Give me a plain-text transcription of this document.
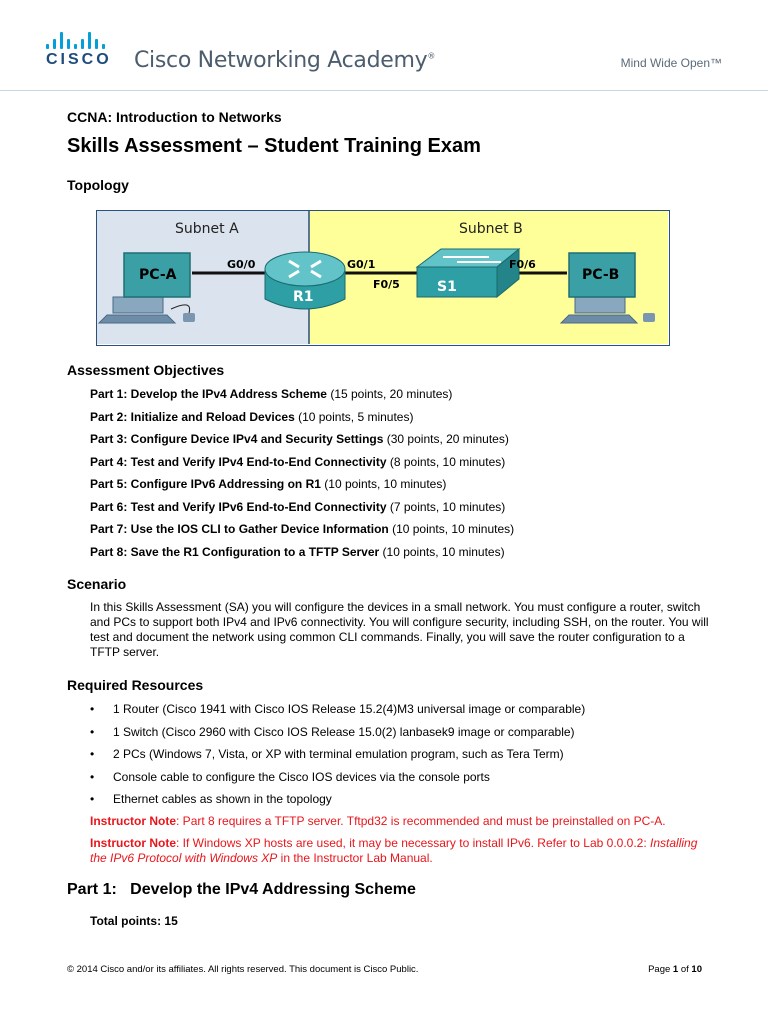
CISCO Cisco Networking Academy®	Mind Wide Open™
CCNA: Introduction to Networks
Skills Assessment – Student Training Exam
Topology
Subnet A	Subnet B
PC-A
R1
S1
PC-B
G0/0	G0/1
F0/5
F0/6
Assessment Objectives
Part 1: Develop the IPv4 Address Scheme (15 points, 20 minutes)
Part 2: Initialize and Reload Devices (10 points, 5 minutes)
Part 3: Configure Device IPv4 and Security Settings (30 points, 20 minutes)
Part 4: Test and Verify IPv4 End-to-End Connectivity (8 points, 10 minutes)
Part 5: Configure IPv6 Addressing on R1 (10 points, 10 minutes)
Part 6: Test and Verify IPv6 End-to-End Connectivity (7 points, 10 minutes)
Part 7: Use the IOS CLI to Gather Device Information (10 points, 10 minutes)
Part 8: Save the R1 Configuration to a TFTP Server (10 points, 10 minutes)
Scenario
In this Skills Assessment (SA) you will configure the devices in a small network. You must configure a router, switch and PCs to support both IPv4 and IPv6 connectivity. You will configure security, including SSH, on the router. You will test and document the network using common CLI commands. Finally, you will save the router configuration to a TFTP server.
Required Resources
• 1 Router (Cisco 1941 with Cisco IOS Release 15.2(4)M3 universal image or comparable)
• 1 Switch (Cisco 2960 with Cisco IOS Release 15.0(2) lanbasek9 image or comparable)
• 2 PCs (Windows 7, Vista, or XP with terminal emulation program, such as Tera Term)
• Console cable to configure the Cisco IOS devices via the console ports
• Ethernet cables as shown in the topology
Instructor Note: Part 8 requires a TFTP server. Tftpd32 is recommended and must be preinstalled on PC-A.
Instructor Note: If Windows XP hosts are used, it may be necessary to install IPv6. Refer to Lab 0.0.0.2: Installing the IPv6 Protocol with Windows XP in the Instructor Lab Manual.
Part 1:   Develop the IPv4 Addressing Scheme
Total points: 15
© 2014 Cisco and/or its affiliates. All rights reserved. This document is Cisco Public.	Page 1 of 10
